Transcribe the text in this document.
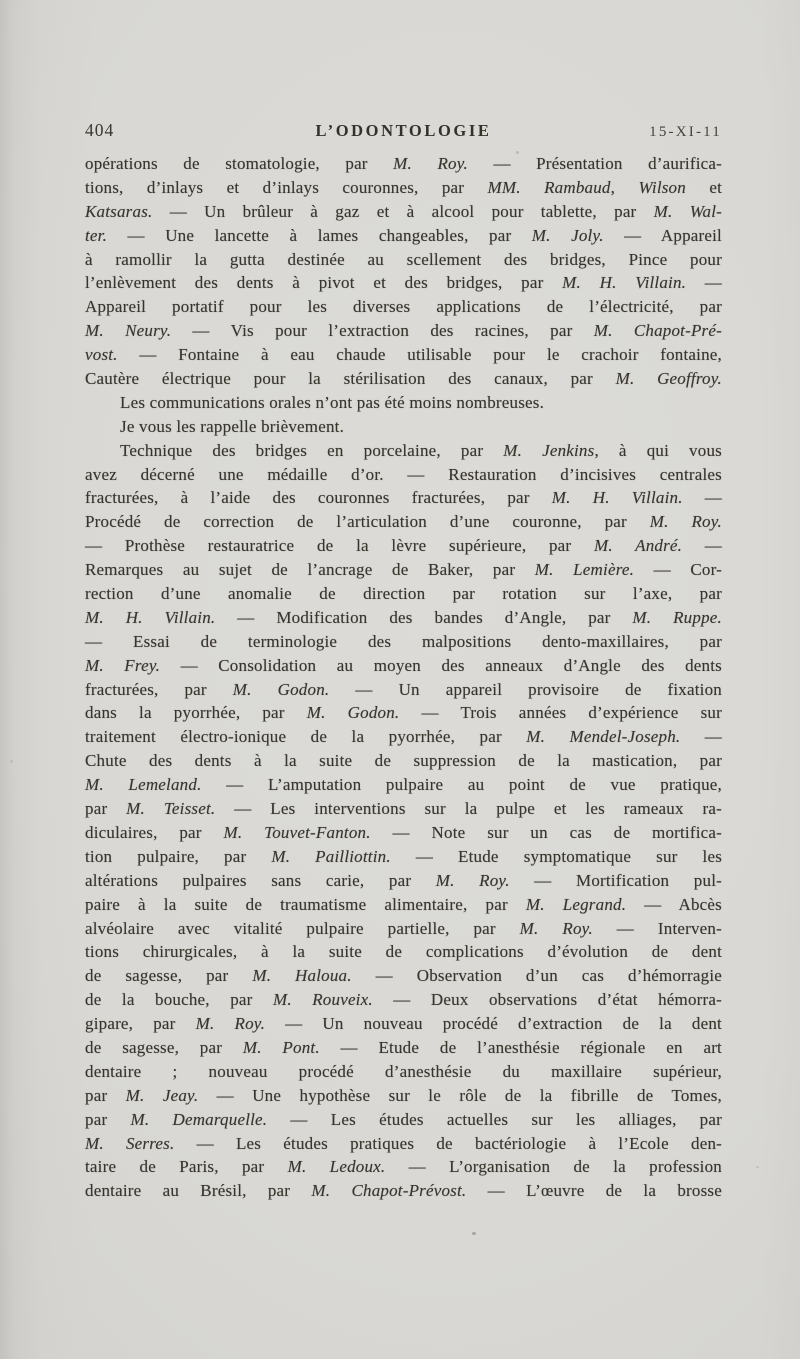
404	L’ODONTOLOGIE	15-XI-11
opérations de stomatologie, par M. Roy. — Présentation d’aurifica-
tions, d’inlays et d’inlays couronnes, par MM. Rambaud, Wilson et
Katsaras. — Un brûleur à gaz et à alcool pour tablette, par M. Wal-
ter. — Une lancette à lames changeables, par M. Joly. — Appareil
à ramollir la gutta destinée au scellement des bridges, Pince pour
l’enlèvement des dents à pivot et des bridges, par M. H. Villain. —
Appareil portatif pour les diverses applications de l’électricité, par
M. Neury. — Vis pour l’extraction des racines, par M. Chapot-Pré-
vost. — Fontaine à eau chaude utilisable pour le crachoir fontaine,
Cautère électrique pour la stérilisation des canaux, par M. Geoffroy.
Les communications orales n’ont pas été moins nombreuses.
Je vous les rappelle brièvement.
Technique des bridges en porcelaine, par M. Jenkins, à qui vous
avez décerné une médaille d’or. — Restauration d’incisives centrales
fracturées, à l’aide des couronnes fracturées, par M. H. Villain. —
Procédé de correction de l’articulation d’une couronne, par M. Roy.
— Prothèse restauratrice de la lèvre supérieure, par M. André. —
Remarques au sujet de l’ancrage de Baker, par M. Lemière. — Cor-
rection d’une anomalie de direction par rotation sur l’axe, par
M. H. Villain. — Modification des bandes d’Angle, par M. Ruppe.
— Essai de terminologie des malpositions dento-maxillaires, par
M. Frey. — Consolidation au moyen des anneaux d’Angle des dents
fracturées, par M. Godon. — Un appareil provisoire de fixation
dans la pyorrhée, par M. Godon. — Trois années d’expérience sur
traitement électro-ionique de la pyorrhée, par M. Mendel-Joseph. —
Chute des dents à la suite de suppression de la mastication, par
M. Lemeland. — L’amputation pulpaire au point de vue pratique,
par M. Teisset. — Les interventions sur la pulpe et les rameaux ra-
diculaires, par M. Touvet-Fanton. — Note sur un cas de mortifica-
tion pulpaire, par M. Pailliottin. — Etude symptomatique sur les
altérations pulpaires sans carie, par M. Roy. — Mortification pul-
paire à la suite de traumatisme alimentaire, par M. Legrand. — Abcès
alvéolaire avec vitalité pulpaire partielle, par M. Roy. — Interven-
tions chirurgicales, à la suite de complications d’évolution de dent
de sagesse, par M. Haloua. — Observation d’un cas d’hémorragie
de la bouche, par M. Rouveix. — Deux observations d’état hémorra-
gipare, par M. Roy. — Un nouveau procédé d’extraction de la dent
de sagesse, par M. Pont. — Etude de l’anesthésie régionale en art
dentaire ; nouveau procédé d’anesthésie du maxillaire supérieur,
par M. Jeay. — Une hypothèse sur le rôle de la fibrille de Tomes,
par M. Demarquelle. — Les études actuelles sur les alliages, par
M. Serres. — Les études pratiques de bactériologie à l’Ecole den-
taire de Paris, par M. Ledoux. — L’organisation de la profession
dentaire au Brésil, par M. Chapot-Prévost. — L’œuvre de la brosse
